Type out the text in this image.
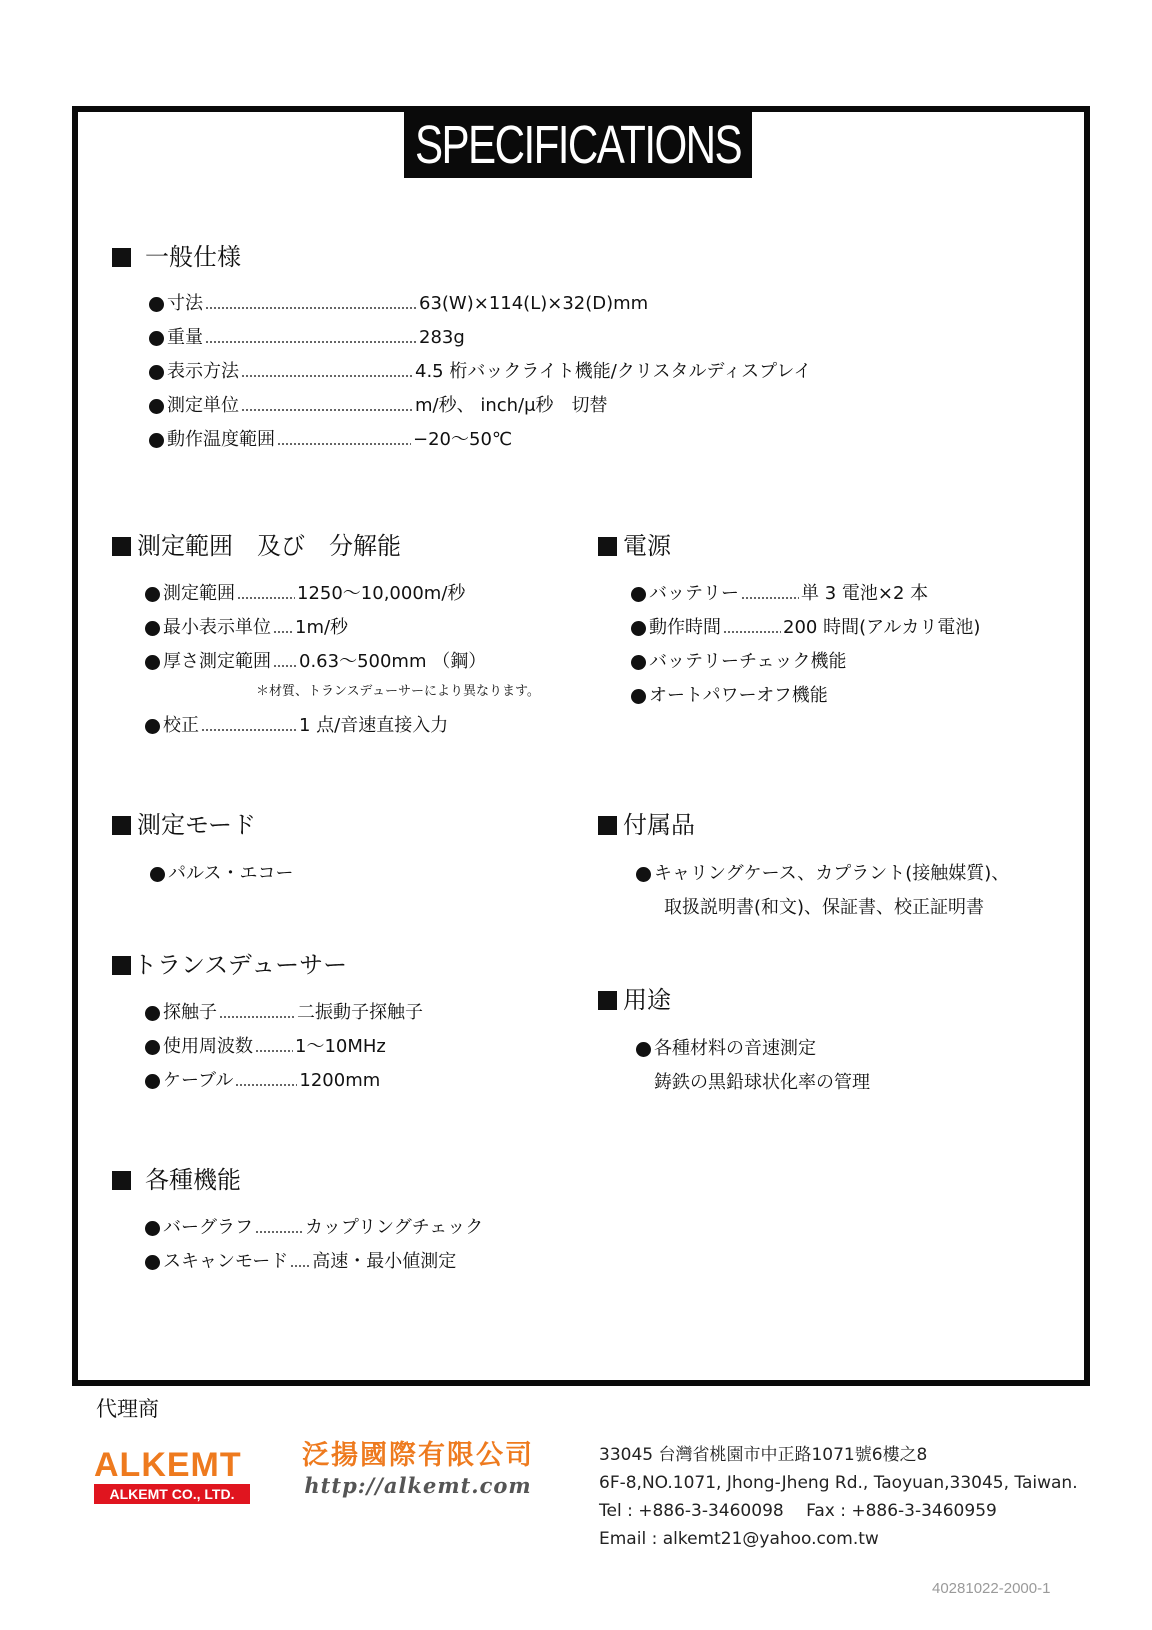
SPECIFICATIONS
一般仕様
寸法	63(W)×114(L)×32(D)mm
重量	283g
表示方法	4.5 桁バックライト機能/クリスタルディスプレイ
測定単位	m/秒、 inch/μ秒　切替
動作温度範囲	−20〜50℃
測定範囲　及び　分解能
測定範囲	1250〜10,000m/秒
最小表示単位 1m/秒
厚さ測定範囲 0.63〜500mm （鋼）
＊材質、トランスデューサーにより異なります。
校正	1 点/音速直接入力
電源
バッテリー	単 3 電池×2 本
動作時間	200 時間(アルカリ電池)
バッテリーチェック機能
オートパワーオフ機能
測定モード
パルス・エコー
付属品
キャリングケース、カプラント(接触媒質)、
取扱説明書(和文)、保証書、校正証明書
トランスデューサー
探触子	二振動子探触子
使用周波数 1〜10MHz
ケーブル	1200mm
用途
各種材料の音速測定
鋳鉄の黒鉛球状化率の管理
各種機能
バーグラフ	カップリングチェック
スキャンモード 高速・最小値測定
代理商
ALKEMT
ALKEMT CO., LTD.
泛揚國際有限公司
http://alkemt.com
33045 台灣省桃園市中正路1071號6樓之8
6F-8,NO.1071, Jhong-Jheng Rd., Taoyuan,33045, Taiwan.
Tel : +886-3-3460098　 Fax : +886-3-3460959
Email : alkemt21@yahoo.com.tw
40281022-2000-1
